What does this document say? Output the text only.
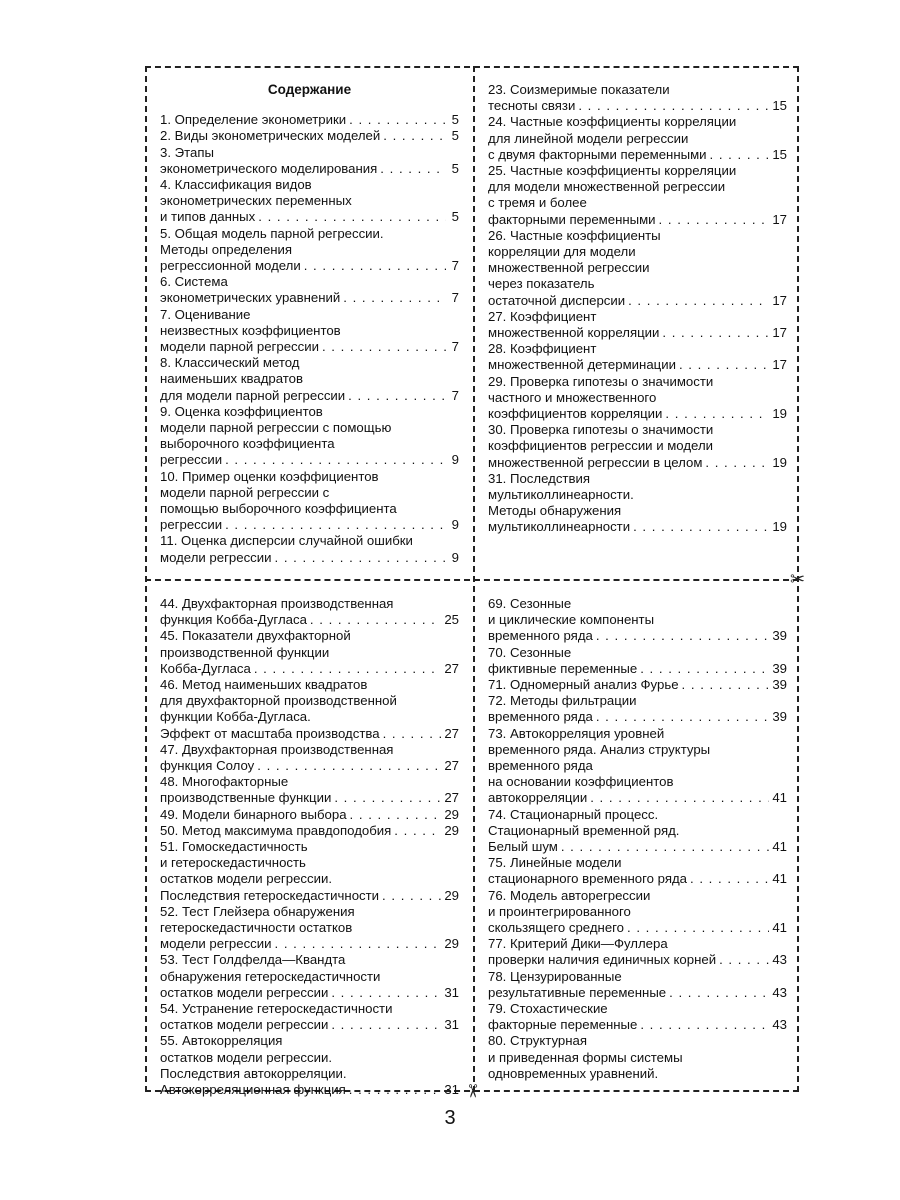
✂
✂
Содержание
1. Определение эконометрики . . .	5
2. Виды эконометрических моделей . . .	5
3. Этапы
эконометрического моделирования . . .	5
4. Классификация видов
эконометрических переменных
и типов данных . . .	5
5. Общая модель парной регрессии.
Методы определения
регрессионной модели . . .	7
6. Система
эконометрических уравнений . . .	7
7. Оценивание
неизвестных коэффициентов
модели парной регрессии . . .	7
8. Классический метод
наименьших квадратов
для модели парной регрессии . . .	7
9. Оценка коэффициентов
модели парной регрессии с помощью
выборочного коэффициента
регрессии . . .	9
10. Пример оценки коэффициентов
модели парной регрессии с
помощью выборочного коэффициента
регрессии . . .	9
11. Оценка дисперсии случайной ошибки
модели регрессии . . .	9
23. Соизмеримые показатели
тесноты связи . . .	15
24. Частные коэффициенты корреляции
для линейной модели регрессии
с двумя факторными переменными . . .	15
25. Частные коэффициенты корреляции
для модели множественной регрессии
с тремя и более
факторными переменными . . .	17
26. Частные коэффициенты
корреляции для модели
множественной регрессии
через показатель
остаточной дисперсии . . .	17
27. Коэффициент
множественной корреляции . . .	17
28. Коэффициент
множественной детерминации . . .	17
29. Проверка гипотезы о значимости
частного и множественного
коэффициентов корреляции . . .	19
30. Проверка гипотезы о значимости
коэффициентов регрессии и модели
множественной регрессии в целом . . .	19
31. Последствия
мультиколлинеарности.
Методы обнаружения
мультиколлинеарности . . .	19
44. Двухфакторная производственная
функция Кобба-Дугласа . . .	25
45. Показатели двухфакторной
производственной функции
Кобба-Дугласа . . .	27
46. Метод наименьших квадратов
для двухфакторной производственной
функции Кобба-Дугласа.
Эффект от масштаба производства . . .	27
47. Двухфакторная производственная
функция Солоу . . .	27
48. Многофакторные
производственные функции . . .	27
49. Модели бинарного выбора . . .	29
50. Метод максимума правдоподобия . . .	29
51. Гомоскедастичность
и гетероскедастичность
остатков модели регрессии.
Последствия гетероскедастичности . . .	29
52. Тест Глейзера обнаружения
гетероскедастичности остатков
модели регрессии . . .	29
53. Тест Голдфелда—Квандта
обнаружения гетероскедастичности
остатков модели регрессии . . .	31
54. Устранение гетероскедастичности
остатков модели регрессии . . .	31
55. Автокорреляция
остатков модели регрессии.
Последствия автокорреляции.
Автокорреляционная функция . . .	31
69. Сезонные
и циклические компоненты
временного ряда . . .	39
70. Сезонные
фиктивные переменные . . .	39
71. Одномерный анализ Фурье . . .	39
72. Методы фильтрации
временного ряда . . .	39
73. Автокорреляция уровней
временного ряда. Анализ структуры
временного ряда
на основании коэффициентов
автокорреляции . . .	41
74. Стационарный процесс.
Стационарный временной ряд.
Белый шум . . .	41
75. Линейные модели
стационарного временного ряда . . .	41
76. Модель авторегрессии
и проинтегрированного
скользящего среднего . . .	41
77. Критерий Дики—Фуллера
проверки наличия единичных корней . . .	43
78. Цензурированные
результативные переменные . . .	43
79. Стохастические
факторные переменные . . .	43
80. Структурная
и приведенная формы системы
одновременных уравнений.
3
